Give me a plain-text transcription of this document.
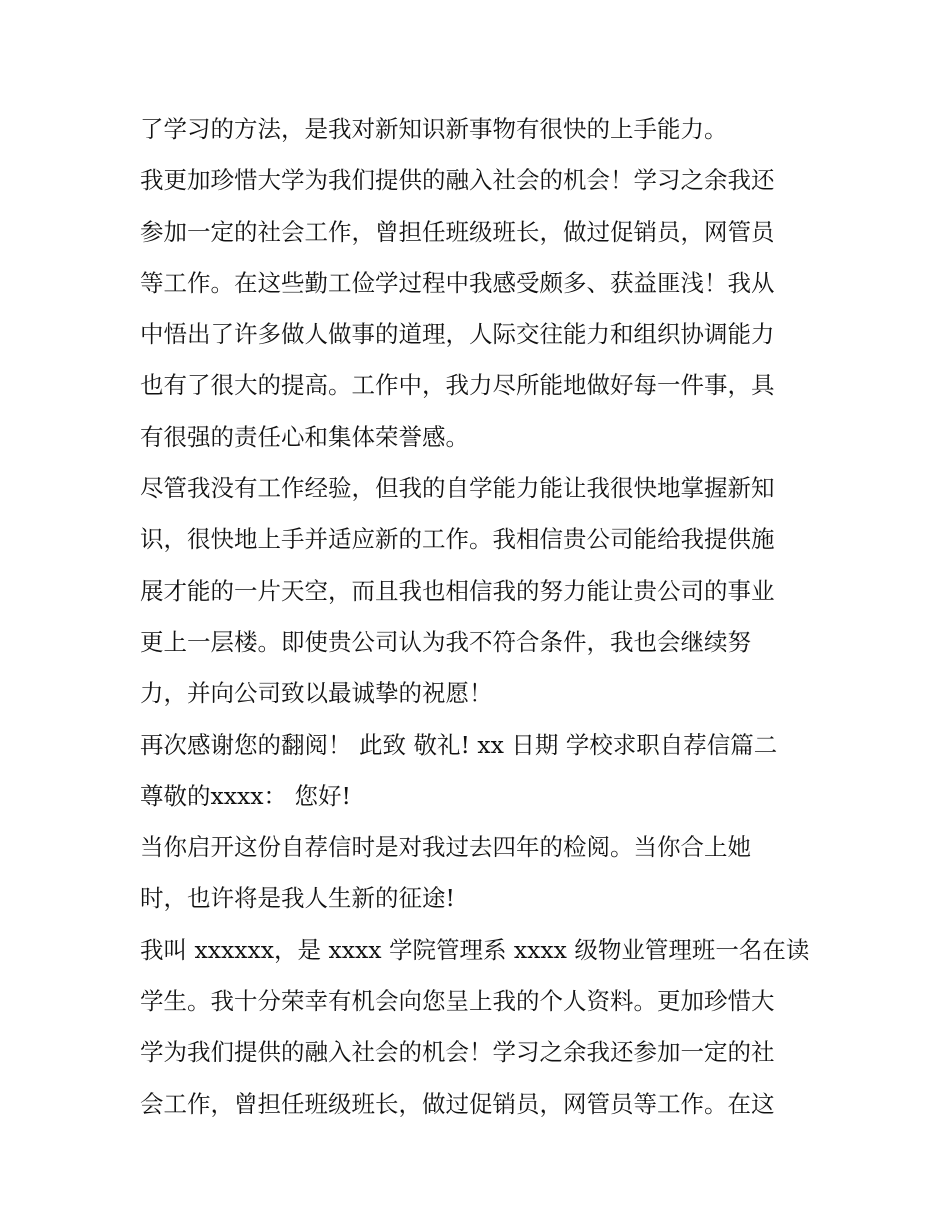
了学习的方法，是我对新知识新事物有很快的上手能力。
我更加珍惜大学为我们提供的融入社会的机会！学习之余我还
参加一定的社会工作，曾担任班级班长，做过促销员，网管员
等工作。在这些勤工俭学过程中我感受颇多、获益匪浅！我从
中悟出了许多做人做事的道理，人际交往能力和组织协调能力
也有了很大的提高。工作中，我力尽所能地做好每一件事，具
有很强的责任心和集体荣誉感。
尽管我没有工作经验，但我的自学能力能让我很快地掌握新知
识，很快地上手并适应新的工作。我相信贵公司能给我提供施
展才能的一片天空，而且我也相信我的努力能让贵公司的事业
更上一层楼。即使贵公司认为我不符合条件，我也会继续努
力，并向公司致以最诚挚的祝愿！
再次感谢您的翻阅！ 此致 敬礼! xx 日期 学校求职自荐信篇二
尊敬的xxxx： 您好!
当你启开这份自荐信时是对我过去四年的检阅。当你合上她
时，也许将是我人生新的征途!
我叫 xxxxxx，是 xxxx 学院管理系 xxxx 级物业管理班一名在读
学生。我十分荣幸有机会向您呈上我的个人资料。更加珍惜大
学为我们提供的融入社会的机会！学习之余我还参加一定的社
会工作，曾担任班级班长，做过促销员，网管员等工作。在这
